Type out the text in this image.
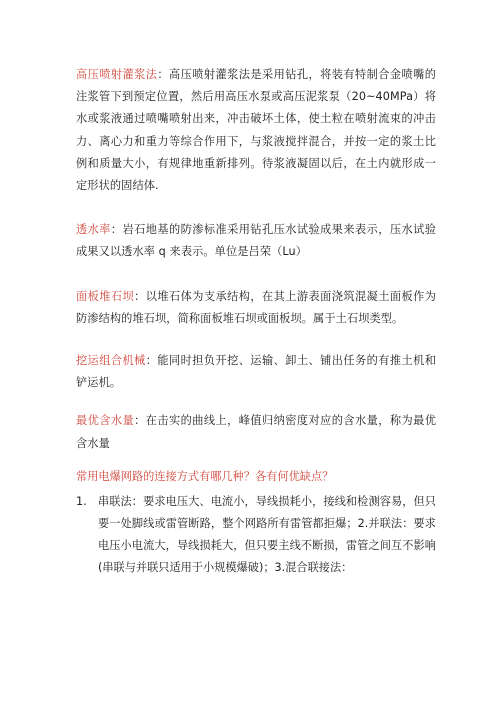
高压喷射灌浆法：高压喷射灌浆法是采用钻孔，将装有特制合金喷嘴的注浆管下到预定位置，然后用高压水泵或高压泥浆泵（20~40MPa）将水或浆液通过喷嘴喷射出来，冲击破坏土体，使土粒在喷射流束的冲击力、离心力和重力等综合作用下，与浆液搅拌混合，并按一定的浆土比例和质量大小，有规律地重新排列。待浆液凝固以后，在土内就形成一定形状的固结体.

透水率：岩石地基的防渗标准采用钻孔压水试验成果来表示，压水试验成果又以透水率 q 来表示。单位是吕荣（Lu）

面板堆石坝：以堆石体为支承结构，在其上游表面浇筑混凝土面板作为防渗结构的堆石坝，简称面板堆石坝或面板坝。属于土石坝类型。

挖运组合机械：能同时担负开挖、运输、卸土、铺出任务的有推土机和铲运机。

最优含水量：在击实的曲线上，峰值归纳密度对应的含水量，称为最优含水量

常用电爆网路的连接方式有哪几种？各有何优缺点？

1. 串联法：要求电压大、电流小，导线损耗小，接线和检测容易，但只要一处脚线或雷管断路，整个网路所有雷管都拒爆；2.并联法：要求电压小电流大，导线损耗大，但只要主线不断损，雷管之间互不影响(串联与并联只适用于小规模爆破)；3.混合联接法：
